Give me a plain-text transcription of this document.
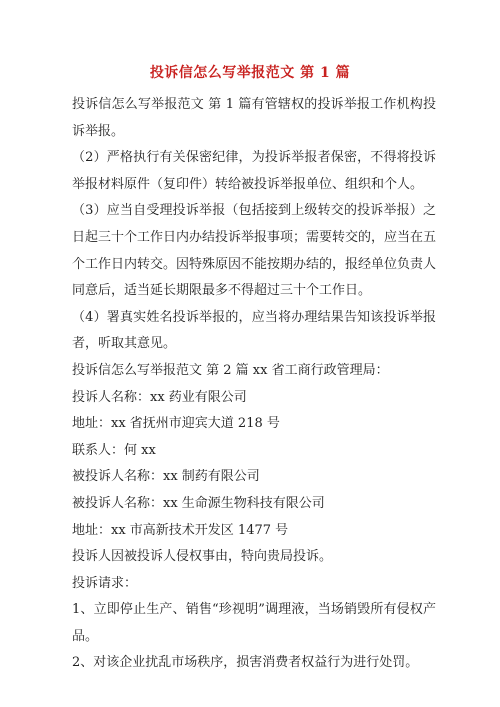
投诉信怎么写举报范文 第 1 篇

投诉信怎么写举报范文 第 1 篇有管辖权的投诉举报工作机构投诉举报。

（2）严格执行有关保密纪律，为投诉举报者保密，不得将投诉举报材料原件（复印件）转给被投诉举报单位、组织和个人。

（3）应当自受理投诉举报（包括接到上级转交的投诉举报）之日起三十个工作日内办结投诉举报事项；需要转交的，应当在五个工作日内转交。因特殊原因不能按期办结的，报经单位负责人同意后，适当延长期限最多不得超过三十个工作日。

（4）署真实姓名投诉举报的，应当将办理结果告知该投诉举报者，听取其意见。

投诉信怎么写举报范文 第 2 篇 xx 省工商行政管理局：

投诉人名称：xx 药业有限公司

地址：xx 省抚州市迎宾大道 218 号

联系人：何 xx

被投诉人名称：xx 制药有限公司

被投诉人名称：xx 生命源生物科技有限公司

地址：xx 市高新技术开发区 1477 号

投诉人因被投诉人侵权事由，特向贵局投诉。

投诉请求：

1、立即停止生产、销售“珍视明”调理液，当场销毁所有侵权产品。

2、对该企业扰乱市场秩序，损害消费者权益行为进行处罚。
